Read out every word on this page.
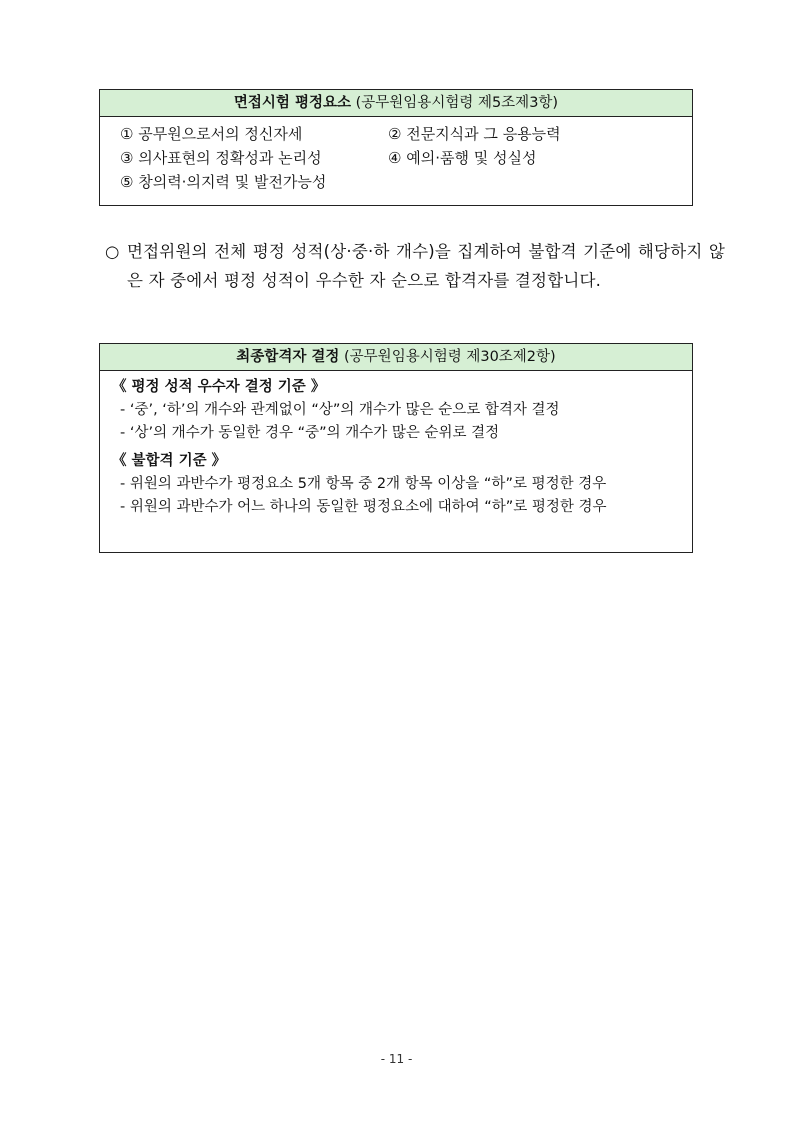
면접시험 평정요소 (공무원임용시험령 제5조제3항)
① 공무원으로서의 정신자세	② 전문지식과 그 응용능력
③ 의사표현의 정확성과 논리성	④ 예의·품행 및 성실성
⑤ 창의력·의지력 및 발전가능성
○ 면접위원의 전체 평정 성적(상·중·하 개수)을 집계하여 불합격 기준에 해당하지 않은 자 중에서 평정 성적이 우수한 자 순으로 합격자를 결정합니다.
최종합격자 결정 (공무원임용시험령 제30조제2항)
《 평정 성적 우수자 결정 기준 》
- ‘중’, ‘하’의 개수와 관계없이 “상”의 개수가 많은 순으로 합격자 결정
- ‘상’의 개수가 동일한 경우 “중”의 개수가 많은 순위로 결정
《 불합격 기준 》
- 위원의 과반수가 평정요소 5개 항목 중 2개 항목 이상을 “하”로 평정한 경우
- 위원의 과반수가 어느 하나의 동일한 평정요소에 대하여 “하”로 평정한 경우
- 11 -
